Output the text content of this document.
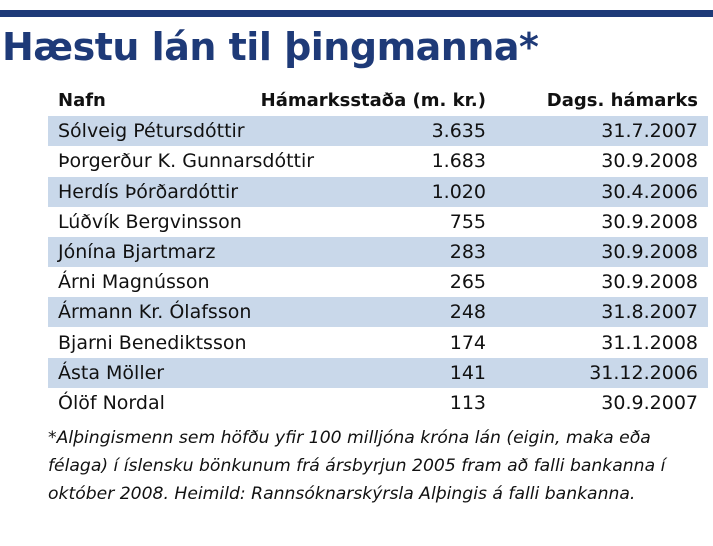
Hæstu lán til þingmanna*
Nafn	Hámarksstaða (m. kr.)	Dags. hámarks
Sólveig Pétursdóttir	3.635	31.7.2007
Þorgerður K. Gunnarsdóttir	1.683	30.9.2008
Herdís Þórðardóttir	1.020	30.4.2006
Lúðvík Bergvinsson	755	30.9.2008
Jónína Bjartmarz	283	30.9.2008
Árni Magnússon	265	30.9.2008
Ármann Kr. Ólafsson	248	31.8.2007
Bjarni Benediktsson	174	31.1.2008
Ásta Möller	141	31.12.2006
Ólöf Nordal	113	30.9.2007

*Alþingismenn sem höfðu yfir 100 milljóna króna lán (eigin, maka eða félaga) í íslensku bönkunum frá ársbyrjun 2005 fram að falli bankanna í október 2008. Heimild: Rannsóknarskýrsla Alþingis á falli bankanna.
